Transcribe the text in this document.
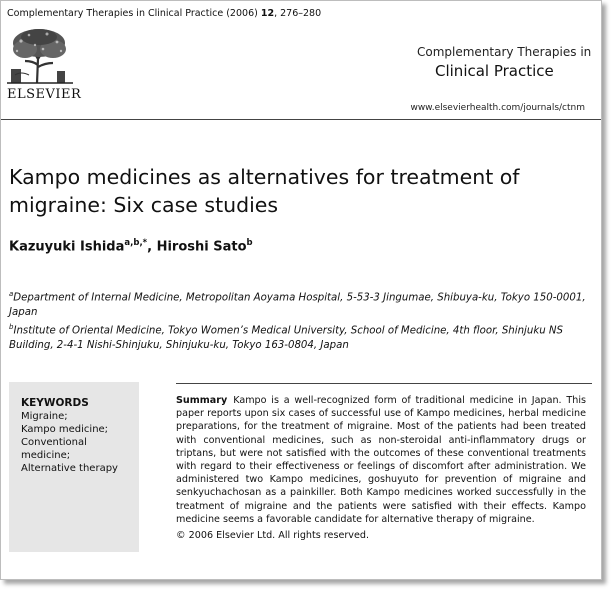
Complementary Therapies in Clinical Practice (2006) 12, 276–280
ELSEVIER
Complementary Therapies in
Clinical Practice
www.elsevierhealth.com/journals/ctnm
Kampo medicines as alternatives for treatment of migraine: Six case studies
Kazuyuki Ishida$^{a,b,*}$, Hiroshi Sato$^b$
$^a$Department of Internal Medicine, Metropolitan Aoyama Hospital, 5-53-3 Jingumae, Shibuya-ku, Tokyo 150-0001, Japan
$^b$Institute of Oriental Medicine, Tokyo Women’s Medical University, School of Medicine, 4th floor, Shinjuku NS Building, 2-4-1 Nishi-Shinjuku, Shinjuku-ku, Tokyo 163-0804, Japan
KEYWORDS
Migraine;
Kampo medicine;
Conventional medicine;
Alternative therapy

Summary Kampo is a well-recognized form of traditional medicine in Japan. This paper reports upon six cases of successful use of Kampo medicines, herbal medicine preparations, for the treatment of migraine. Most of the patients had been treated with conventional medicines, such as non-steroidal anti-inflammatory drugs or triptans, but were not satisfied with the outcomes of these conventional treatments with regard to their effectiveness or feelings of discomfort after administration. We administered two Kampo medicines, goshuyuto for prevention of migraine and senkyuchachosan as a painkiller. Both Kampo medicines worked successfully in the treatment of migraine and the patients were satisfied with their effects. Kampo medicine seems a favorable candidate for alternative therapy of migraine.

© 2006 Elsevier Ltd. All rights reserved.
